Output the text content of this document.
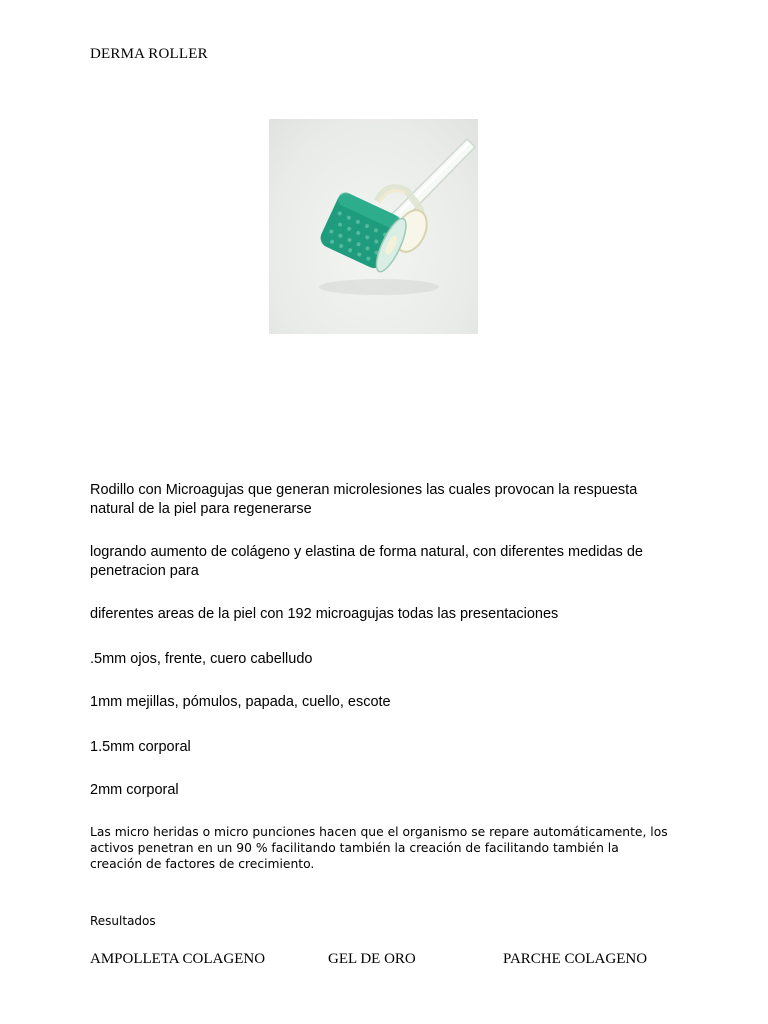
DERMA ROLLER
Rodillo con Microagujas que generan microlesiones las cuales provocan la respuesta natural de la piel para regenerarse
logrando aumento de colágeno y elastina de forma natural, con diferentes medidas de penetracion para
diferentes areas de la piel con 192 microagujas todas las presentaciones
.5mm ojos, frente, cuero cabelludo
1mm mejillas, pómulos, papada, cuello, escote
1.5mm corporal
2mm corporal
Las micro heridas o micro punciones hacen que el organismo se repare automáticamente, los activos penetran en un 90 % facilitando también la creación de facilitando también la creación de factores de crecimiento.
Resultados
AMPOLLETA COLAGENO	GEL DE ORO	PARCHE COLAGENO
